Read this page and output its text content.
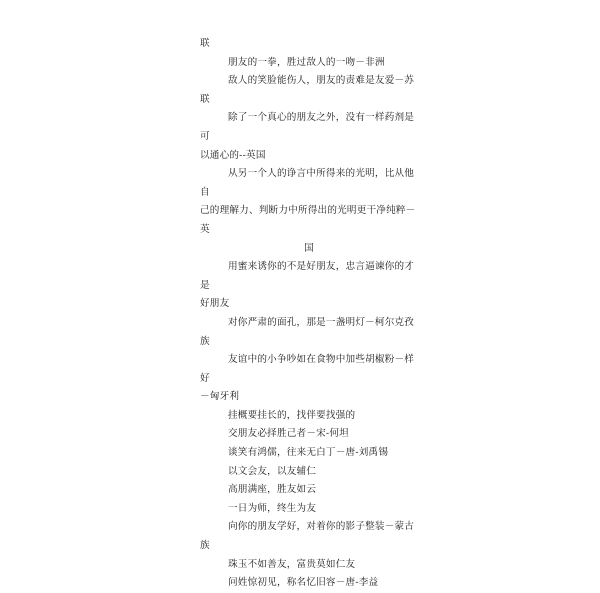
联

朋友的一拳，胜过敌人的一吻－非洲

敌人的笑脸能伤人，朋友的责难是友爱－苏联

除了一个真心的朋友之外，没有一样药剂是可

以通心的--英国

从另一个人的诤言中所得来的光明，比从他自

己的理解力、判断力中所得出的光明更干净纯粹－英

国

用蜜来诱你的不是好朋友，忠言逼谏你的才是

好朋友

对你严肃的面孔，那是一盏明灯－柯尔克孜族

友谊中的小争吵如在食物中加些胡椒粉－样好

－匈牙利

挂概要挂长的，找伴要找强的

交朋友必择胜己者－宋-何坦

谈笑有鸿儒，往来无白丁－唐-刘禹锡

以文会友，以友辅仁

高朋满座，胜友如云

一日为师，终生为友

向你的朋友学好，对着你的影子整装－蒙古族

珠玉不如善友，富贵莫如仁友

问姓惊初见，称名忆旧容－唐-李益
